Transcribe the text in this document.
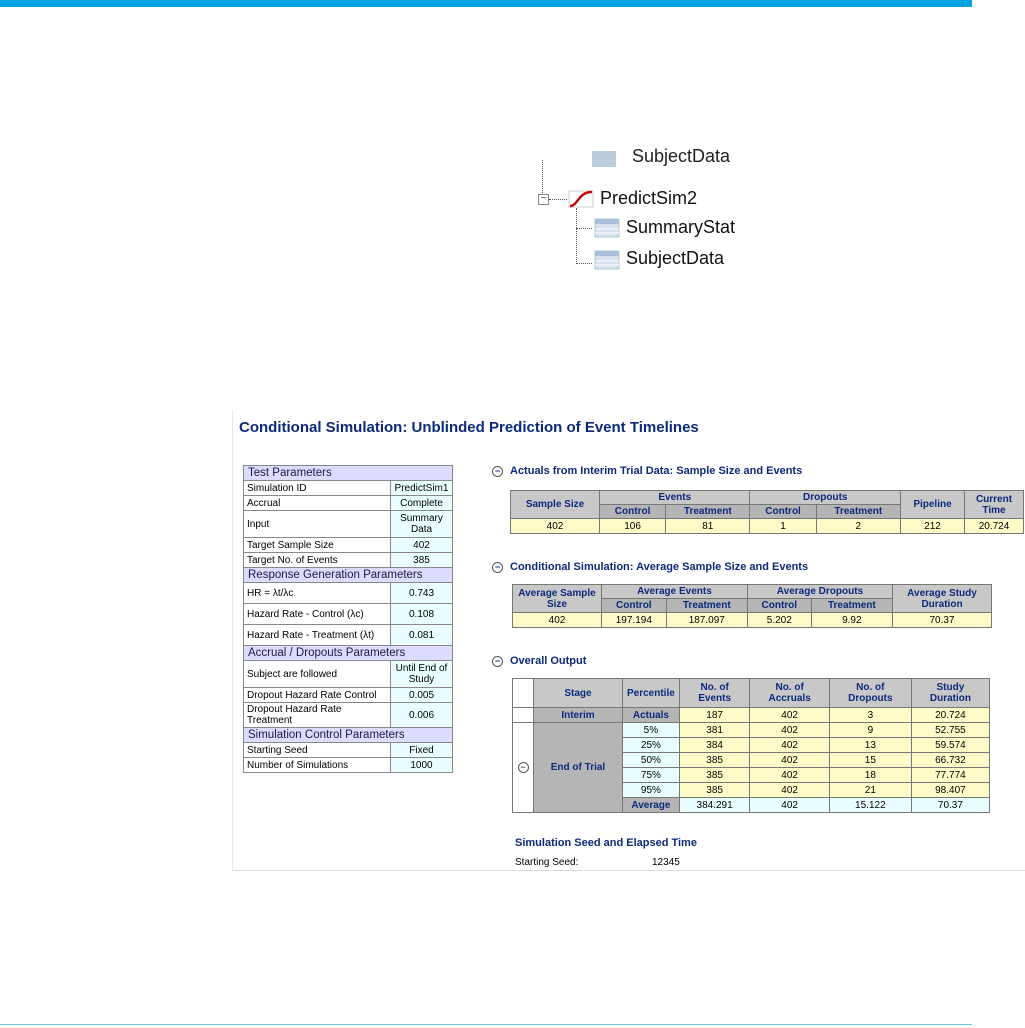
SubjectData
−	PredictSim2
SummaryStat
SubjectData
Conditional Simulation: Unblinded Prediction of Event Timelines
Test Parameters	
Simulation ID	PredictSim1
Accrual	Complete
Input	Summary Data
Target Sample Size	402
Target No. of Events	385
Response Generation Parameters	
HR = λt/λc	0.743
Hazard Rate - Control (λc)	0.108
Hazard Rate - Treatment (λt)	0.081
Accrual / Dropouts Parameters	
Subject are followed	Until End of Study
Dropout Hazard Rate Control	0.005
Dropout Hazard Rate Treatment	0.006
Simulation Control Parameters	
Starting Seed	Fixed
Number of Simulations	1000
− Actuals from Interim Trial Data: Sample Size and Events
Sample Size	Events		Dropouts		Pipeline	Current Time
	Control	Treatment	Control	Treatment		
402	106	81	1	2	212	20.724
− Conditional Simulation: Average Sample Size and Events
Average Sample Size	Average Events		Average Dropouts		Average Study Duration
	Control	Treatment	Control	Treatment	
402	197.194	187.097	5.202	9.92	70.37
− Overall Output
	Stage	Percentile	No. of Events	No. of Accruals	No. of Dropouts	Study Duration
	Interim	Actuals	187	402	3	20.724
−	End of Trial	5%	381	402	9	52.755
		25%	384	402	13	59.574
		50%	385	402	15	66.732
		75%	385	402	18	77.774
		95%	385	402	21	98.407
		Average	384.291	402	15.122	70.37
Simulation Seed and Elapsed Time
Starting Seed:	12345
